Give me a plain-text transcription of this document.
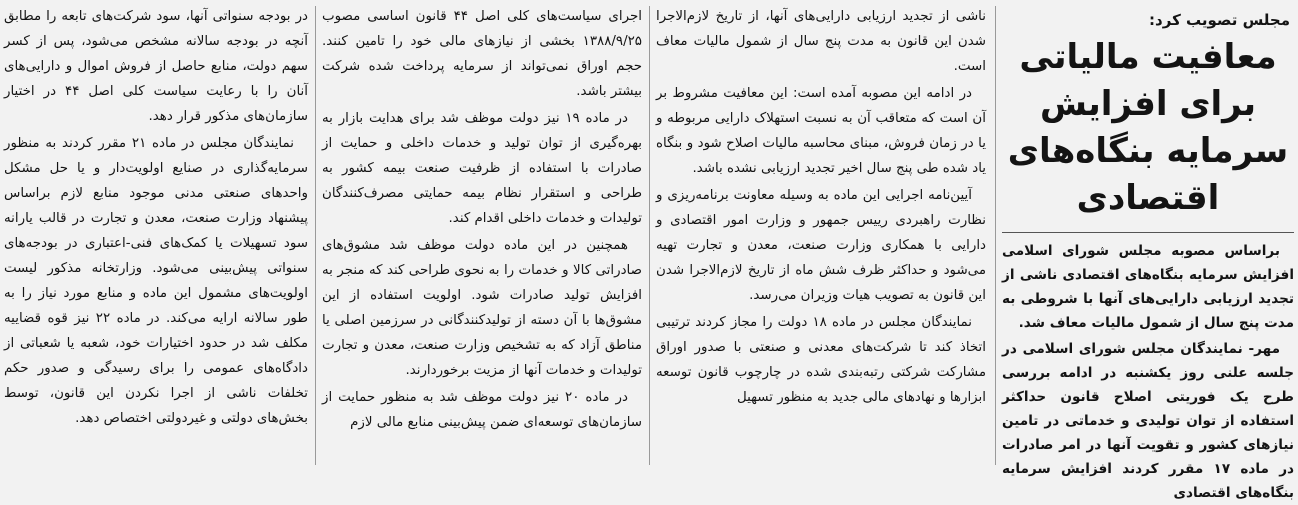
مجلس تصویب کرد:
معافیت مالیاتی برای افزایش سرمایه بنگاه‌های اقتصادی

براساس مصوبه مجلس شورای اسلامی افزایش سرمایه بنگاه‌های اقتصادی ناشی از تجدید ارزیابی دارایی‌های آنها با شروطی به مدت پنج سال از شمول مالیات معاف شد.

مهر- نمایندگان مجلس شورای اسلامی در جلسه علنی روز یکشنبه در ادامه بررسی طرح یک فوریتی اصلاح قانون حداکثر استفاده از توان تولیدی و خدماتی در تامین نیازهای کشور و تقویت آنها در امر صادرات در ماده ۱۷ مقرر کردند افزایش سرمایه بنگاه‌های اقتصادی

ناشی از تجدید ارزیابی دارایی‌های آنها، از تاریخ لازم‌الاجرا شدن این قانون به مدت پنج سال از شمول مالیات معاف است.

در ادامه این مصوبه آمده است: این معافیت مشروط بر آن است که متعاقب آن به نسبت استهلاک دارایی مربوطه و یا در زمان فروش، مبنای محاسبه مالیات اصلاح شود و بنگاه یاد شده طی پنج سال اخیر تجدید ارزیابی نشده باشد.

آیین‌نامه اجرایی این ماده به وسیله معاونت برنامه‌ریزی و نظارت راهبردی رییس جمهور و وزارت امور اقتصادی و دارایی با همکاری وزارت صنعت، معدن و تجارت تهیه می‌شود و حداکثر ظرف شش ماه از تاریخ لازم‌الاجرا شدن این قانون به تصویب هیات وزیران می‌رسد.

نمایندگان مجلس در ماده ۱۸ دولت را مجاز کردند ترتیبی اتخاذ کند تا شرکت‌های معدنی و صنعتی با صدور اوراق مشارکت شرکتی رتبه‌بندی شده در چارچوب قانون توسعه ابزارها و نهادهای مالی جدید به منظور تسهیل

اجرای سیاست‌های کلی اصل ۴۴ قانون اساسی مصوب ۱۳۸۸/۹/۲۵ بخشی از نیازهای مالی خود را تامین کنند. حجم اوراق نمی‌تواند از سرمایه پرداخت شده شرکت بیشتر باشد.

در ماده ۱۹ نیز دولت موظف شد برای هدایت بازار به بهره‌گیری از توان تولید و خدمات داخلی و حمایت از صادرات با استفاده از ظرفیت صنعت بیمه کشور به طراحی و استقرار نظام بیمه حمایتی مصرف‌کنندگان تولیدات و خدمات داخلی اقدام کند.

همچنین در این ماده دولت موظف شد مشوق‌های صادراتی کالا و خدمات را به نحوی طراحی کند که منجر به افزایش تولید صادرات شود. اولویت استفاده از این مشوق‌ها با آن دسته از تولیدکنندگانی در سرزمین اصلی یا مناطق آزاد که به تشخیص وزارت صنعت، معدن و تجارت تولیدات و خدمات آنها از مزیت برخوردارند.

در ماده ۲۰ نیز دولت موظف شد به منظور حمایت از سازمان‌های توسعه‌ای ضمن پیش‌بینی منابع مالی لازم

در بودجه سنواتی آنها، سود شرکت‌های تابعه را مطابق آنچه در بودجه سالانه مشخص می‌شود، پس از کسر سهم دولت، منابع حاصل از فروش اموال و دارایی‌های آنان را با رعایت سیاست کلی اصل ۴۴ در اختیار سازمان‌های مذکور قرار دهد.

نمایندگان مجلس در ماده ۲۱ مقرر کردند به منظور سرمایه‌گذاری در صنایع اولویت‌دار و یا حل مشکل واحدهای صنعتی مدنی موجود منابع لازم براساس پیشنهاد وزارت صنعت، معدن و تجارت در قالب یارانه سود تسهیلات یا کمک‌های فنی-اعتباری در بودجه‌های سنواتی پیش‌بینی می‌شود. وزارتخانه مذکور لیست اولویت‌های مشمول این ماده و منابع مورد نیاز را به طور سالانه ارایه می‌کند. در ماده ۲۲ نیز قوه قضاییه مکلف شد در حدود اختیارات خود، شعبه یا شعباتی از دادگاه‌های عمومی را برای رسیدگی و صدور حکم تخلفات ناشی از اجرا نکردن این قانون، توسط بخش‌های دولتی و غیردولتی اختصاص دهد.
